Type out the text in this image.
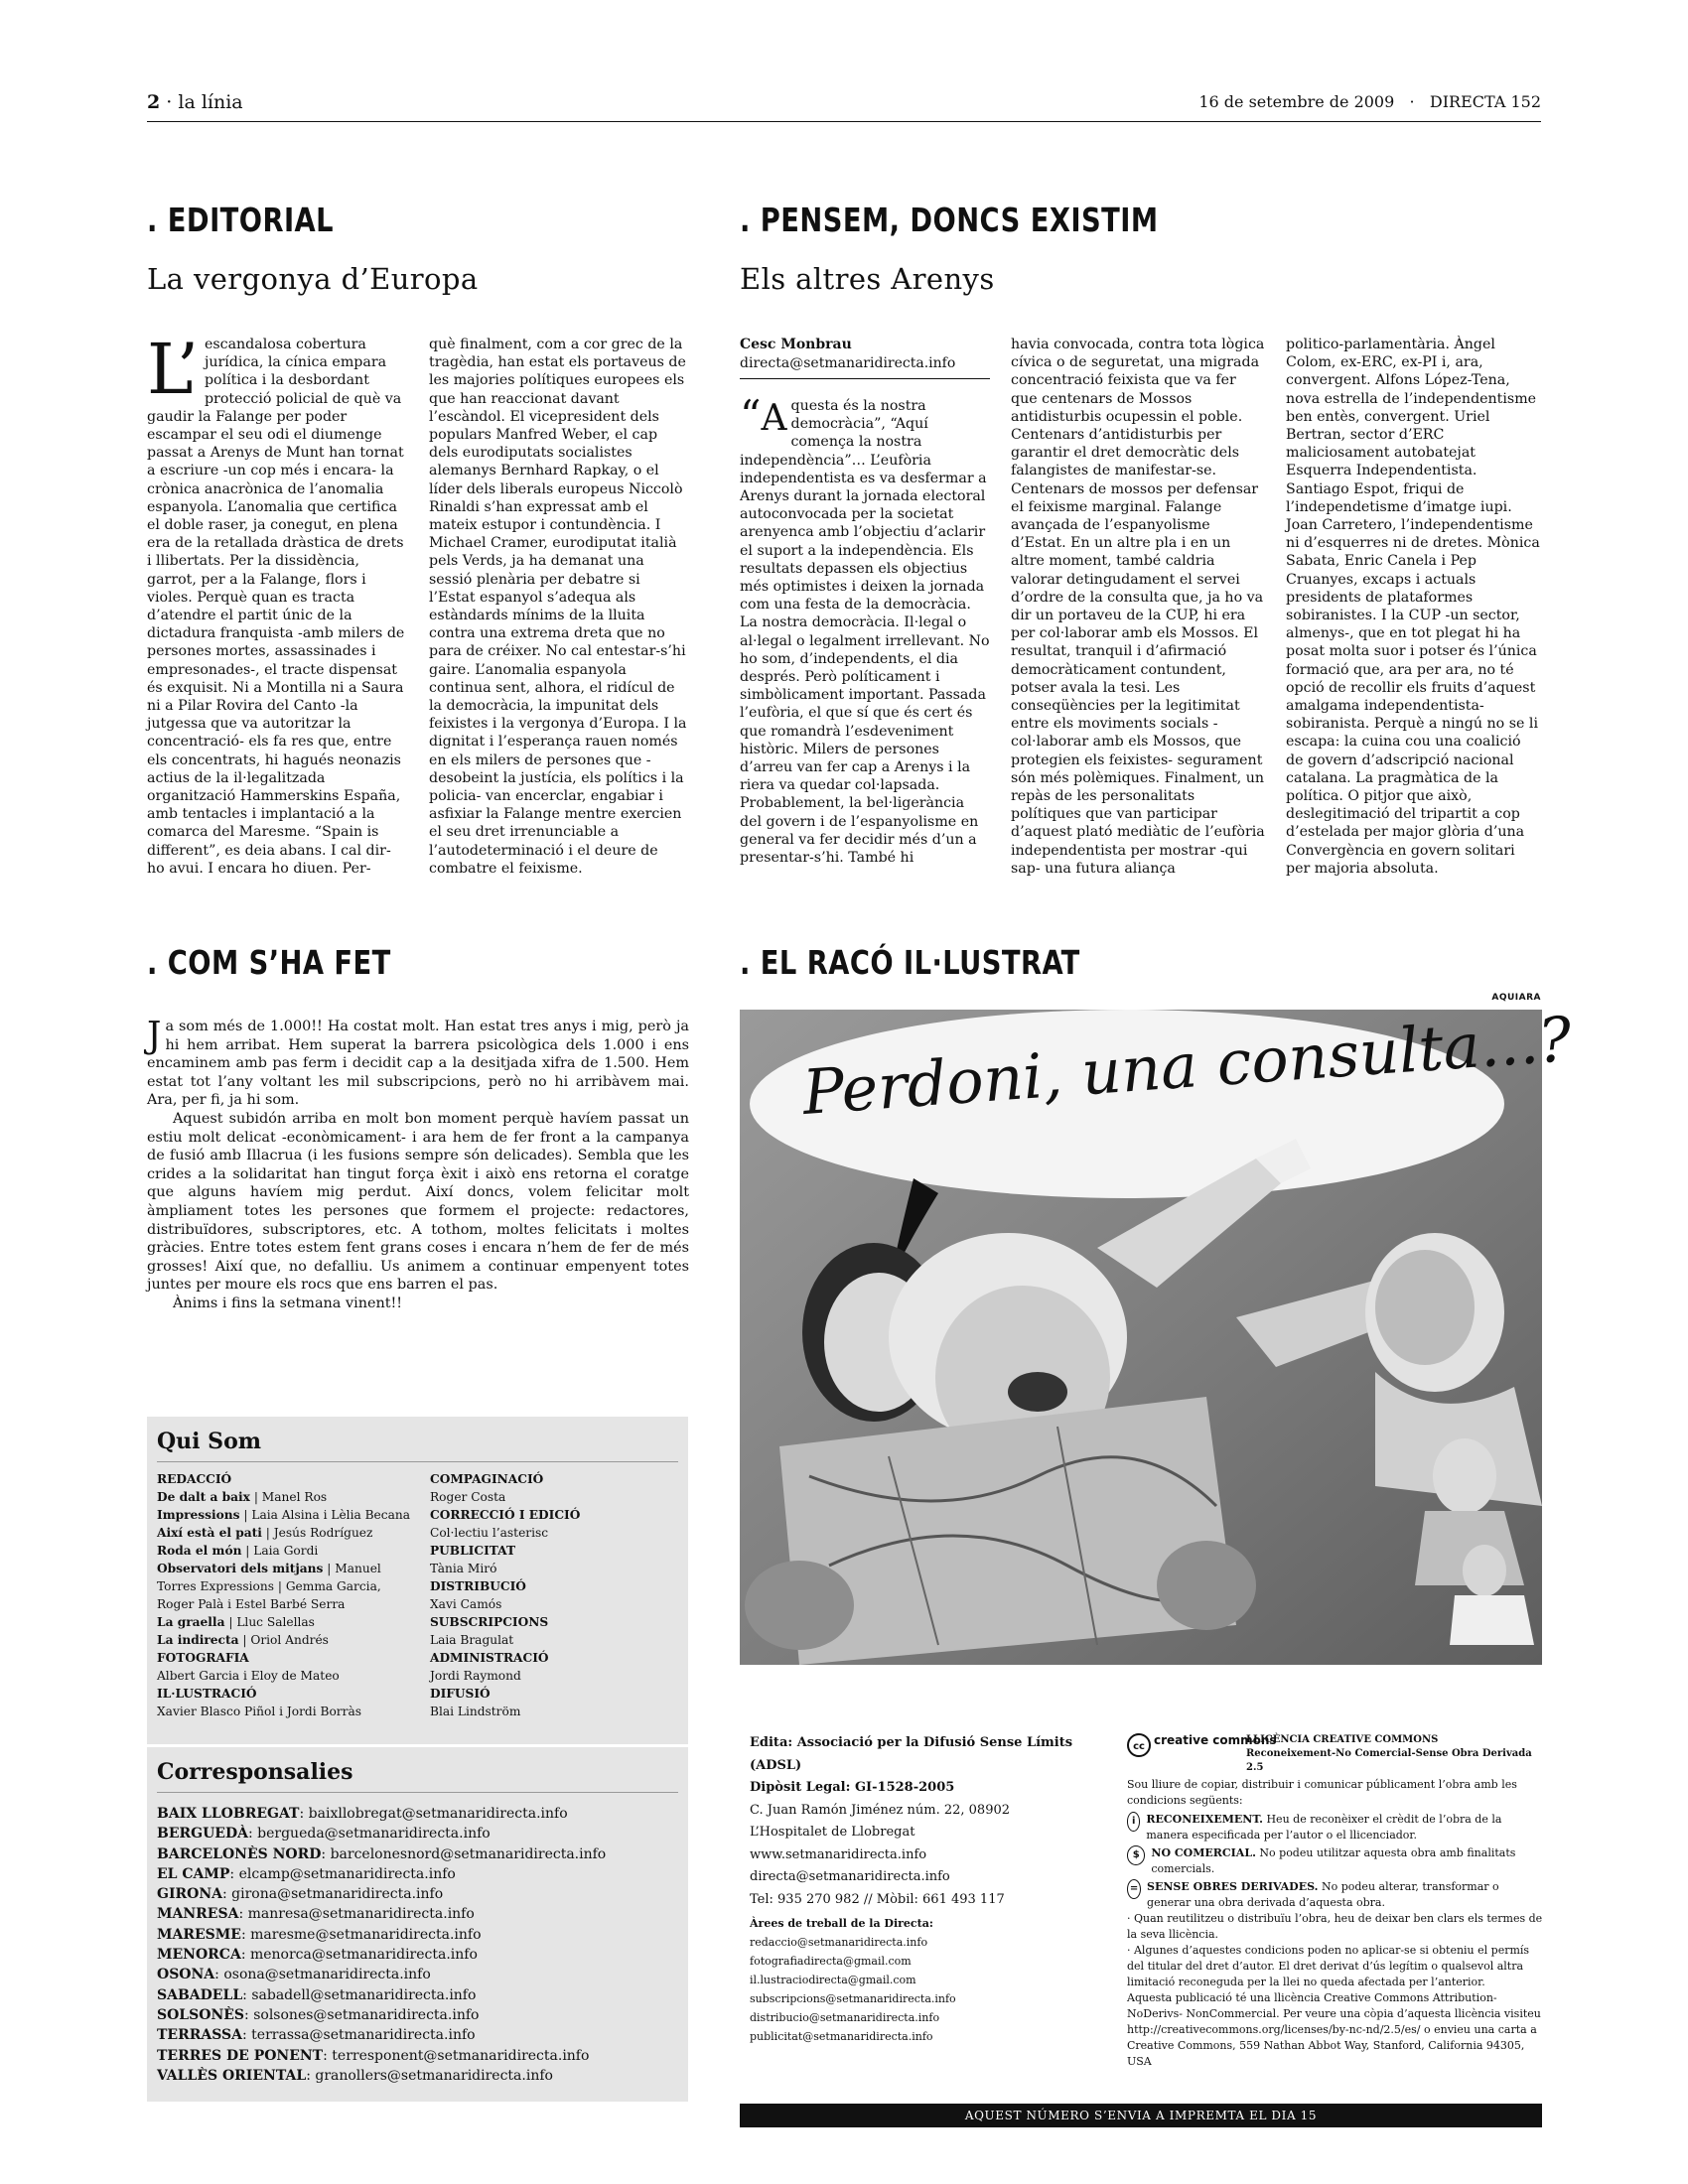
2 · la línia	16 de setembre de 2009   ·   DIRECTA 152
. EDITORIAL
La vergonya d’Europa
L’ escandalosa cobertura jurídica, la cínica empara política i la desbordant protecció policial de què va gaudir la Falange per poder escampar el seu odi el diumenge passat a Arenys de Munt han tornat a escriure -un cop més i encara- la crònica anacrònica de l’anomalia espanyola. L’anomalia que certifica el doble raser, ja conegut, en plena era de la retallada dràstica de drets i llibertats. Per la dissidència, garrot, per a la Falange, flors i violes. Perquè quan es tracta d’atendre el partit únic de la dictadura franquista -amb milers de persones mortes, assassinades i empresonades-, el tracte dispensat és exquisit. Ni a Montilla ni a Saura ni a Pilar Rovira del Canto -la jutgessa que va autoritzar la concentració- els fa res que, entre els concentrats, hi hagués neonazis actius de la il·legalitzada organització Hammerskins España, amb tentacles i implantació a la comarca del Maresme. “Spain is different”, es deia abans. I cal dir-ho avui. I encara ho diuen. Per-
què finalment, com a cor grec de la tragèdia, han estat els portaveus de les majories polítiques europees els que han reaccionat davant l’escàndol. El vicepresident dels populars Manfred Weber, el cap dels eurodiputats socialistes alemanys Bernhard Rapkay, o el líder dels liberals europeus Niccolò Rinaldi s’han expressat amb el mateix estupor i contundència. I Michael Cramer, eurodiputat italià pels Verds, ja ha demanat una sessió plenària per debatre si l’Estat espanyol s’adequa als estàndards mínims de la lluita contra una extrema dreta que no para de créixer. No cal entestar-s’hi gaire. L’anomalia espanyola continua sent, alhora, el ridícul de la democràcia, la impunitat dels feixistes i la vergonya d’Europa. I la dignitat i l’esperança rauen només en els milers de persones que -desobeint la justícia, els polítics i la policia- van encerclar, engabiar i asfixiar la Falange mentre exercien el seu dret irrenunciable a l’autodeterminació i el deure de combatre el feixisme.
. PENSEM, DONCS EXISTIM
Els altres Arenys
Cesc Monbrau
directa@setmanaridirecta.info
“A questa és la nostra democràcia”, “Aquí comença la nostra independència”… L’eufòria independentista es va desfermar a Arenys durant la jornada electoral autoconvocada per la societat arenyenca amb l’objectiu d’aclarir el suport a la independència. Els resultats depassen els objectius més optimistes i deixen la jornada com una festa de la democràcia. La nostra democràcia. Il·legal o al·legal o legalment irrellevant. No ho som, d’independents, el dia després. Però políticament i simbòlicament important. Passada l’eufòria, el que sí que és cert és que romandrà l’esdeveniment històric. Milers de persones d’arreu van fer cap a Arenys i la riera va quedar col·lapsada. Probablement, la bel·ligerància del govern i de l’espanyolisme en general va fer decidir més d’un a presentar-s’hi. També hi
havia convocada, contra tota lògica cívica o de seguretat, una migrada concentració feixista que va fer que centenars de Mossos antidisturbis ocupessin el poble. Centenars d’antidisturbis per garantir el dret democràtic dels falangistes de manifestar-se. Centenars de mossos per defensar el feixisme marginal. Falange avançada de l’espanyolisme d’Estat. En un altre pla i en un altre moment, també caldria valorar detingudament el servei d’ordre de la consulta que, ja ho va dir un portaveu de la CUP, hi era per col·laborar amb els Mossos. El resultat, tranquil i d’afirmació democràticament contundent, potser avala la tesi. Les conseqüències per la legitimitat entre els moviments socials -col·laborar amb els Mossos, que protegien els feixistes- segurament són més polèmiques. Finalment, un repàs de les personalitats polítiques que van participar d’aquest plató mediàtic de l’eufòria independentista per mostrar -qui sap- una futura aliança
politico-parlamentària. Àngel Colom, ex-ERC, ex-PI i, ara, convergent. Alfons López-Tena, nova estrella de l’independentisme ben entès, convergent. Uriel Bertran, sector d’ERC maliciosament autobatejat Esquerra Independentista. Santiago Espot, friqui de l’independetisme d’imatge iupi. Joan Carretero, l’independentisme ni d’esquerres ni de dretes. Mònica Sabata, Enric Canela i Pep Cruanyes, excaps i actuals presidents de plataformes sobiranistes. I la CUP -un sector, almenys-, que en tot plegat hi ha posat molta suor i potser és l’única formació que, ara per ara, no té opció de recollir els fruits d’aquest amalgama independentista-sobiranista. Perquè a ningú no se li escapa: la cuina cou una coalició de govern d’adscripció nacional catalana. La pragmàtica de la política. O pitjor que això, deslegitimació del tripartit a cop d’estelada per major glòria d’una Convergència en govern solitari per majoria absoluta.
. COM S’HA FET

Ja som més de 1.000!! Ha costat molt. Han estat tres anys i mig, però ja hi hem arribat. Hem superat la barrera psicològica dels 1.000 i ens encaminem amb pas ferm i decidit cap a la desitjada xifra de 1.500. Hem estat tot l’any voltant les mil subscripcions, però no hi arribàvem mai. Ara, per fi, ja hi som.

Aquest subidón arriba en molt bon moment perquè havíem passat un estiu molt delicat -econòmicament- i ara hem de fer front a la campanya de fusió amb Illacrua (i les fusions sempre són delicades). Sembla que les crides a la solidaritat han tingut força èxit i això ens retorna el coratge que alguns havíem mig perdut. Així doncs, volem felicitar molt àmpliament totes les persones que formem el projecte: redactores, distribuïdores, subscriptores, etc. A tothom, moltes felicitats i moltes gràcies. Entre totes estem fent grans coses i encara n’hem de fer de més grosses! Així que, no defalliu. Us animem a continuar empenyent totes juntes per moure els rocs que ens barren el pas.

Ànims i fins la setmana vinent!!

. EL RACÓ IL·LUSTRAT
AQUIARA
Perdoni, una consulta...?
Qui Som
REDACCIÓ
De dalt a baix | Manel Ros
Impressions | Laia Alsina i Lèlia Becana
Així està el pati | Jesús Rodríguez
Roda el món | Laia Gordi
Observatori dels mitjans | Manuel
Torres Expressions | Gemma Garcia,
Roger Palà i Estel Barbé Serra
La graella | Lluc Salellas
La indirecta | Oriol Andrés
FOTOGRAFIA
Albert Garcia i Eloy de Mateo
IL·LUSTRACIÓ
Xavier Blasco Piñol i Jordi Borràs
COMPAGINACIÓ
Roger Costa
CORRECCIÓ I EDICIÓ
Col·lectiu l’asterisc
PUBLICITAT
Tània Miró
DISTRIBUCIÓ
Xavi Camós
SUBSCRIPCIONS
Laia Bragulat
ADMINISTRACIÓ
Jordi Raymond
DIFUSIÓ
Blai Lindström
Corresponsalies
BAIX LLOBREGAT: baixllobregat@setmanaridirecta.info
BERGUEDÀ: bergueda@setmanaridirecta.info
BARCELONÈS NORD: barcelonesnord@setmanaridirecta.info
EL CAMP: elcamp@setmanaridirecta.info
GIRONA: girona@setmanaridirecta.info
MANRESA: manresa@setmanaridirecta.info
MARESME: maresme@setmanaridirecta.info
MENORCA: menorca@setmanaridirecta.info
OSONA: osona@setmanaridirecta.info
SABADELL: sabadell@setmanaridirecta.info
SOLSONÈS: solsones@setmanaridirecta.info
TERRASSA: terrassa@setmanaridirecta.info
TERRES DE PONENT: terresponent@setmanaridirecta.info
VALLÈS ORIENTAL: granollers@setmanaridirecta.info
Edita: Associació per la Difusió Sense Límits (ADSL)
Dipòsit Legal: GI-1528-2005
C. Juan Ramón Jiménez núm. 22, 08902
L’Hospitalet de Llobregat
www.setmanaridirecta.info
directa@setmanaridirecta.info
Tel: 935 270 982 // Mòbil: 661 493 117
Àrees de treball de la Directa:
redaccio@setmanaridirecta.info
fotografiadirecta@gmail.com
il.lustraciodirecta@gmail.com
subscripcions@setmanaridirecta.info
distribucio@setmanaridirecta.info
publicitat@setmanaridirecta.info
cc creative commons
LLICÈNCIA CREATIVE COMMONS
Reconeixement-No Comercial-Sense Obra Derivada 2.5
Sou lliure de copiar, distribuir i comunicar públicament l’obra amb les condicions següents:
i RECONEIXEMENT. Heu de reconèixer el crèdit de l’obra de la manera especificada per l’autor o el llicenciador.
$	NO COMERCIAL. No podeu utilitzar aquesta obra amb finalitats comercials.
= SENSE OBRES DERIVADES. No podeu alterar, transformar o generar una obra derivada d’aquesta obra.
· Quan reutilitzeu o distribuïu l’obra, heu de deixar ben clars els termes de la seva llicència.
· Algunes d’aquestes condicions poden no aplicar-se si obteniu el permís del titular del dret d’autor. El dret derivat d’ús legítim o qualsevol altra limitació reconeguda per la llei no queda afectada per l’anterior.
Aquesta publicació té una llicència Creative Commons Attribution-NoDerivs- NonCommercial. Per veure una còpia d’aquesta llicència visiteu http://creativecommons.org/licenses/by-nc-nd/2.5/es/ o envieu una carta a Creative Commons, 559 Nathan Abbot Way, Stanford, California 94305, USA
AQUEST NÚMERO S’ENVIA A IMPREMTA EL DIA 15
